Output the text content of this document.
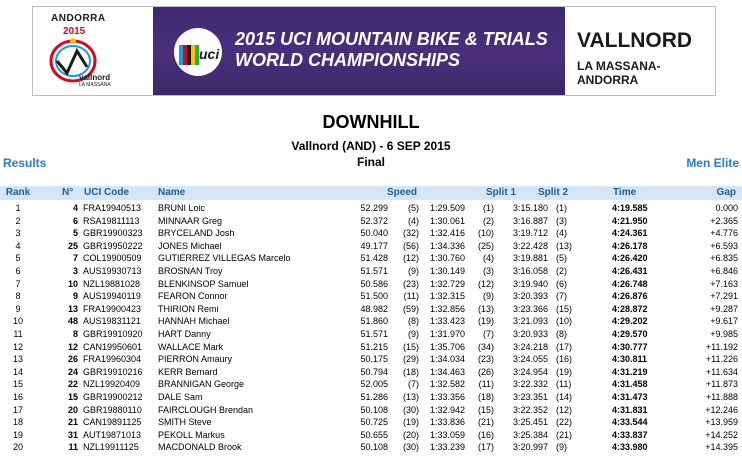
ANDORRA
2015
vallnord
LA MASSANA
uci
2015 UCI MOUNTAIN BIKE & TRIALS
WORLD CHAMPIONSHIPS
VALLNORD
LA MASSANA-ANDORRA
DOWNHILL
Vallnord (AND) - 6 SEP 2015
Final
Results	Men Elite
Rank	N° UCI Code	Name	Speed	Split 1 Split 2	Time	Gap
1	4 FRA19940513 BRUNI Loic	52.299	(5) 1:29.509	(1) 3:15.180 (1)	4:19.585	0.000
2	6 RSA19811113 MINNAAR Greg	52.372	(4) 1:30.061	(2) 3:16.887 (3)	4:21.950	+2.365
3	5 GBR19900323 BRYCELAND Josh	50.040	(32) 1:32.416	(10) 3:19.712 (4)	4:24.361	+4.776
4	25 GBR19950222 JONES Michael	49.177	(56) 1:34.336	(25) 3:22.428 (13)	4:26.178	+6.593
5	7 COL19900509 GUTIERREZ VILLEGAS Marcelo	51.428	(12) 1:30.760	(4) 3:19.881 (5)	4:26.420	+6.835
6	3 AUS19930713 BROSNAN Troy	51.571	(9) 1:30.149	(3) 3:16.058 (2)	4:26.431	+6.846
7	10 NZL19881028 BLENKINSOP Samuel	50.586	(23) 1:32.729	(12) 3:19.940 (6)	4:26.748	+7.163
8	9 AUS19940119 FEARON Connor	51.500	(11) 1:32.315	(9) 3:20.393 (7)	4:26.876	+7.291
9	13 FRA19900423 THIRION Remi	48.982	(59) 1:32.856	(13) 3:23.366 (15)	4:28.872	+9.287
10	48 AUS19831121 HANNAH Michael	51.860	(8) 1:33.423	(19) 3:21.093 (10)	4:29.202	+9.617
11	8 GBR19910920 HART Danny	51.571	(9) 1:31.970	(7) 3:20.933 (8)	4:29.570	+9.985
12	12 CAN19950601 WALLACE Mark	51.215	(15) 1:35.706	(34) 3:24.218 (17)	4:30.777	+11.192
13	26 FRA19960304 PIERRON Amaury	50.175	(29) 1:34.034	(23) 3:24.055 (16)	4:30.811	+11.226
14	24 GBR19910216 KERR Bernard	50.794	(18) 1:34.463	(26) 3:24.954 (19)	4:31.219	+11.634
15	22 NZL19920409 BRANNIGAN George	52.005	(7) 1:32.582	(11) 3:22.332 (11)	4:31.458	+11.873
16	15 GBR19900212 DALE Sam	51.286	(13) 1:33.356	(18) 3:23.351 (14)	4:31.473	+11.888
17	20 GBR19880110 FAIRCLOUGH Brendan	50.108	(30) 1:32.942	(15) 3:22.352 (12)	4:31.831	+12.246
18	21 CAN19891125 SMITH Steve	50.725	(19) 1:33.836	(21) 3:25.451 (22)	4:33.544	+13.959
19	31 AUT19871013 PEKOLL Markus	50.655	(20) 1:33.059	(16) 3:25.384 (21)	4:33.837	+14.252
20	11 NZL19911125 MACDONALD Brook	50.108	(30) 1:33.239	(17) 3:20.997 (9)	4:33.980	+14.395
